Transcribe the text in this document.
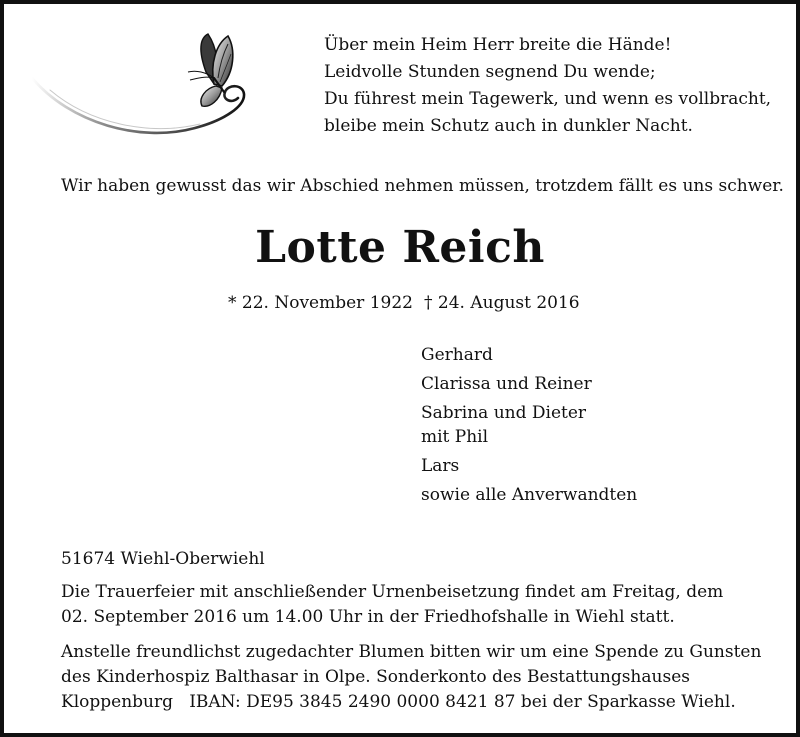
Über mein Heim Herr breite die Hände!
Leidvolle Stunden segnend Du wende;
Du führest mein Tagewerk, und wenn es vollbracht,
bleibe mein Schutz auch in dunkler Nacht.
Wir haben gewusst das wir Abschied nehmen müssen, trotzdem fällt es uns schwer.
Lotte Reich
* 22. November 1922 † 24. August 2016
Gerhard
Clarissa und Reiner
Sabrina und Dieter
mit Phil
Lars
sowie alle Anverwandten
51674 Wiehl-Oberwiehl
Die Trauerfeier mit anschließender Urnenbeisetzung findet am Freitag, dem
02. September 2016 um 14.00 Uhr in der Friedhofshalle in Wiehl statt.
Anstelle freundlichst zugedachter Blumen bitten wir um eine Spende zu Gunsten
des Kinderhospiz Balthasar in Olpe. Sonderkonto des Bestattungshauses
Kloppenburg   IBAN: DE95 3845 2490 0000 8421 87 bei der Sparkasse Wiehl.
